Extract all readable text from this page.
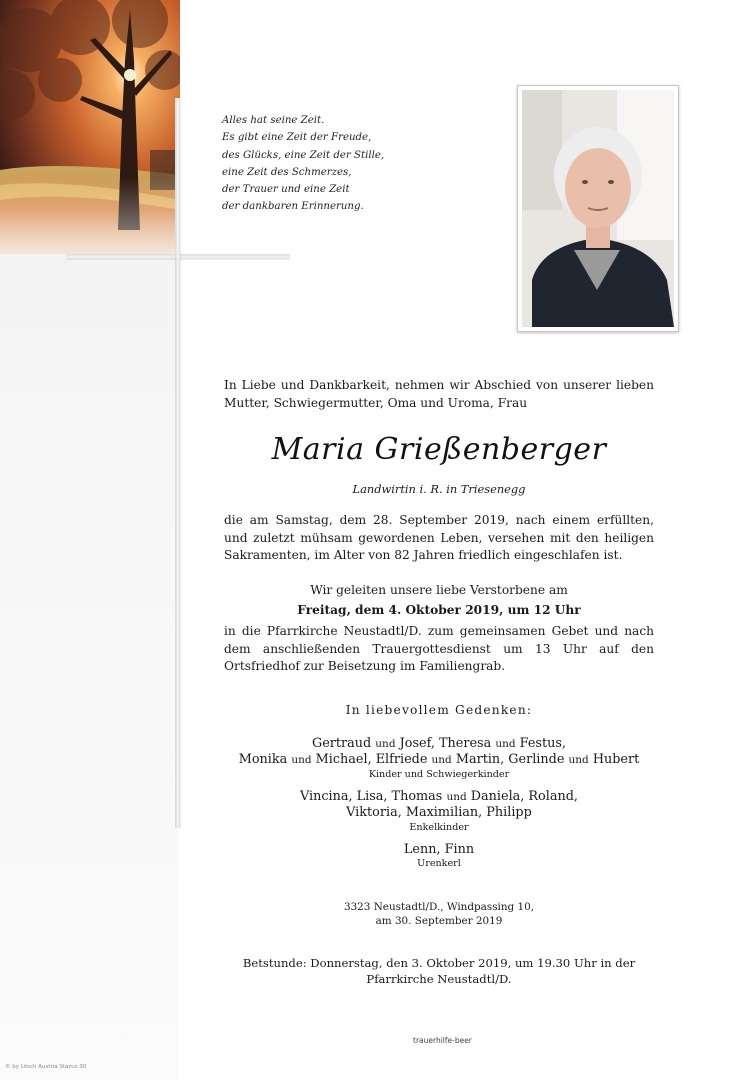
Alles hat seine Zeit.
Es gibt eine Zeit der Freude,
des Glücks, eine Zeit der Stille,
eine Zeit des Schmerzes,
der Trauer und eine Zeit
der dankbaren Erinnerung.
In Liebe und Dankbarkeit, nehmen wir Abschied von unserer lieben Mutter, Schwiegermutter, Oma und Uroma, Frau
Maria Grießenberger
Landwirtin i. R. in Triesenegg
die am Samstag, dem 28. September 2019, nach einem erfüllten, und zuletzt mühsam gewordenen Leben, versehen mit den heiligen Sakramenten, im Alter von 82 Jahren friedlich eingeschlafen ist.
Wir geleiten unsere liebe Verstorbene am
Freitag, dem 4. Oktober 2019, um 12 Uhr
in die Pfarrkirche Neustadtl/D. zum gemeinsamen Gebet und nach dem anschließenden Trauergottesdienst um 13 Uhr auf den Ortsfriedhof zur Beisetzung im Familiengrab.
In liebevollem Gedenken:
Gertraud und Josef, Theresa und Festus,
Monika und Michael, Elfriede und Martin, Gerlinde und Hubert
Kinder und Schwiegerkinder
Vincina, Lisa, Thomas und Daniela, Roland,
Viktoria, Maximilian, Philipp
Enkelkinder
Lenn, Finn
Urenkerl
3323 Neustadtl/D., Windpassing 10,
am 30. September 2019
Betstunde: Donnerstag, den 3. Oktober 2019, um 19.30 Uhr in der
Pfarrkirche Neustadtl/D.
trauerhilfe-beer
© by Lösch Austria Stazus 30
